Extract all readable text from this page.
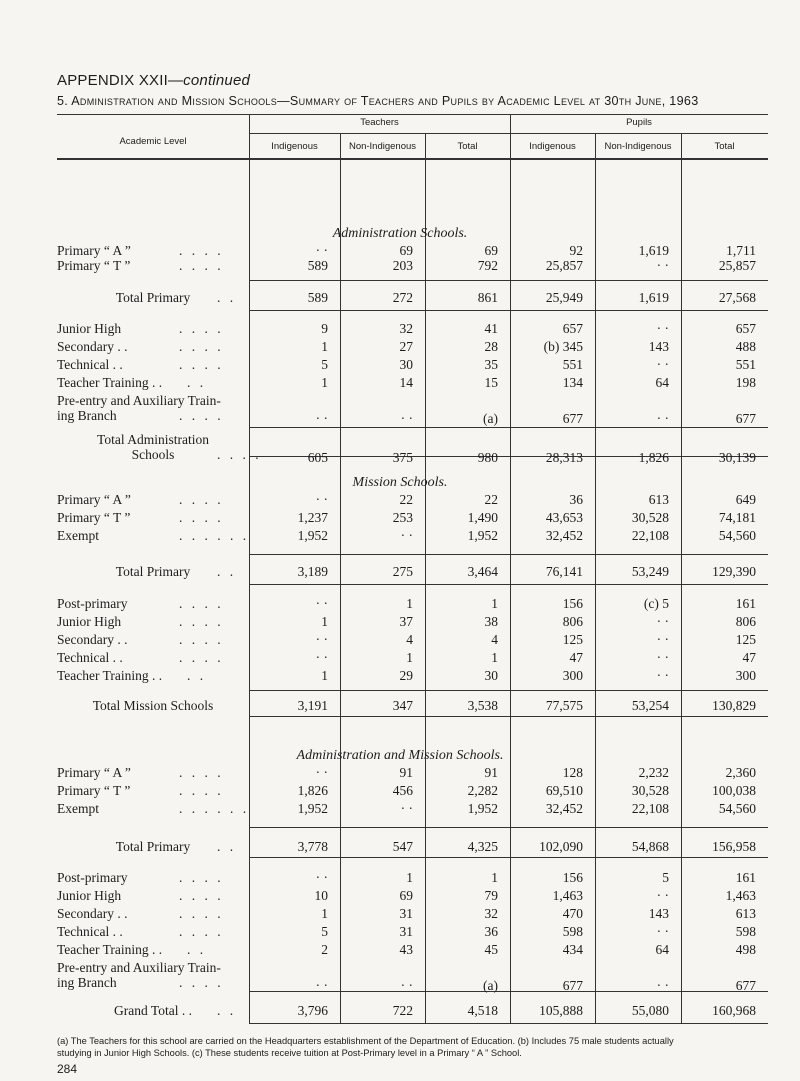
APPENDIX XXII—continued
5. Administration and Mission Schools—Summary of Teachers and Pupils by Academic Level at 30th June, 1963
Academic Level
Teachers	Pupils
Indigenous	Non-Indigenous	Total	Indigenous	Non-Indigenous	Total
Administration Schools.
Primary “ A ”	. . . .	· ·	69	69	92	1,619	1,711
Primary “ T ”	. . . .	589	203	792	25,857	· ·	25,857
Total Primary . .	589	272	861	25,949	1,619	27,568
Junior High	. . . .	9	32	41	657	· ·	657
Secondary . .	. . . .	1	27	28	(b) 345	143	488
Technical . .	. . . .	5	30	35	551	· ·	551
Teacher Training . . . .	1	14	15	134	64	198
Pre-entry and Auxiliary Train-
ing Branch	. . . .	· ·	· ·	(a)	677	· ·	677
Total Administration
Schools	. . . .	605	375	980	28,313	1,826	30,139
Mission Schools.
Primary “ A ”	. . . .	· ·	22	22	36	613	649
Primary “ T ”	. . . .	1,237	253	1,490	43,653	30,528	74,181
Exempt	. . . . . .	1,952	· ·	1,952	32,452	22,108	54,560
Total Primary . .	3,189	275	3,464	76,141	53,249	129,390
Post-primary	. . . .	· ·	1	1	156	(c) 5	161
Junior High	. . . .	1	37	38	806	· ·	806
Secondary . .	. . . .	· ·	4	4	125	· ·	125
Technical . .	. . . .	· ·	1	1	47	· ·	47
Teacher Training . . . .	1	29	30	300	· ·	300
Total Mission Schools	3,191	347	3,538	77,575	53,254	130,829
Administration and Mission Schools.
Primary “ A ”	. . . .	· ·	91	91	128	2,232	2,360
Primary “ T ”	. . . .	1,826	456	2,282	69,510	30,528	100,038
Exempt	. . . . . .	1,952	· ·	1,952	32,452	22,108	54,560
Total Primary . .	3,778	547	4,325	102,090	54,868	156,958
Post-primary	. . . .	· ·	1	1	156	5	161
Junior High	. . . .	10	69	79	1,463	· ·	1,463
Secondary . .	. . . .	1	31	32	470	143	613
Technical . .	. . . .	5	31	36	598	· ·	598
Teacher Training . . . .	2	43	45	434	64	498
Pre-entry and Auxiliary Train-
ing Branch	. . . .	· ·	· ·	(a)	677	· ·	677
Grand Total . . . .	3,796	722	4,518	105,888	55,080	160,968

(a) The Teachers for this school are carried on the Headquarters establishment of the Department of Education. (b) Includes 75 male students actually

studying in Junior High Schools. (c) These students receive tuition at Post-Primary level in a Primary “ A ” School.

284
